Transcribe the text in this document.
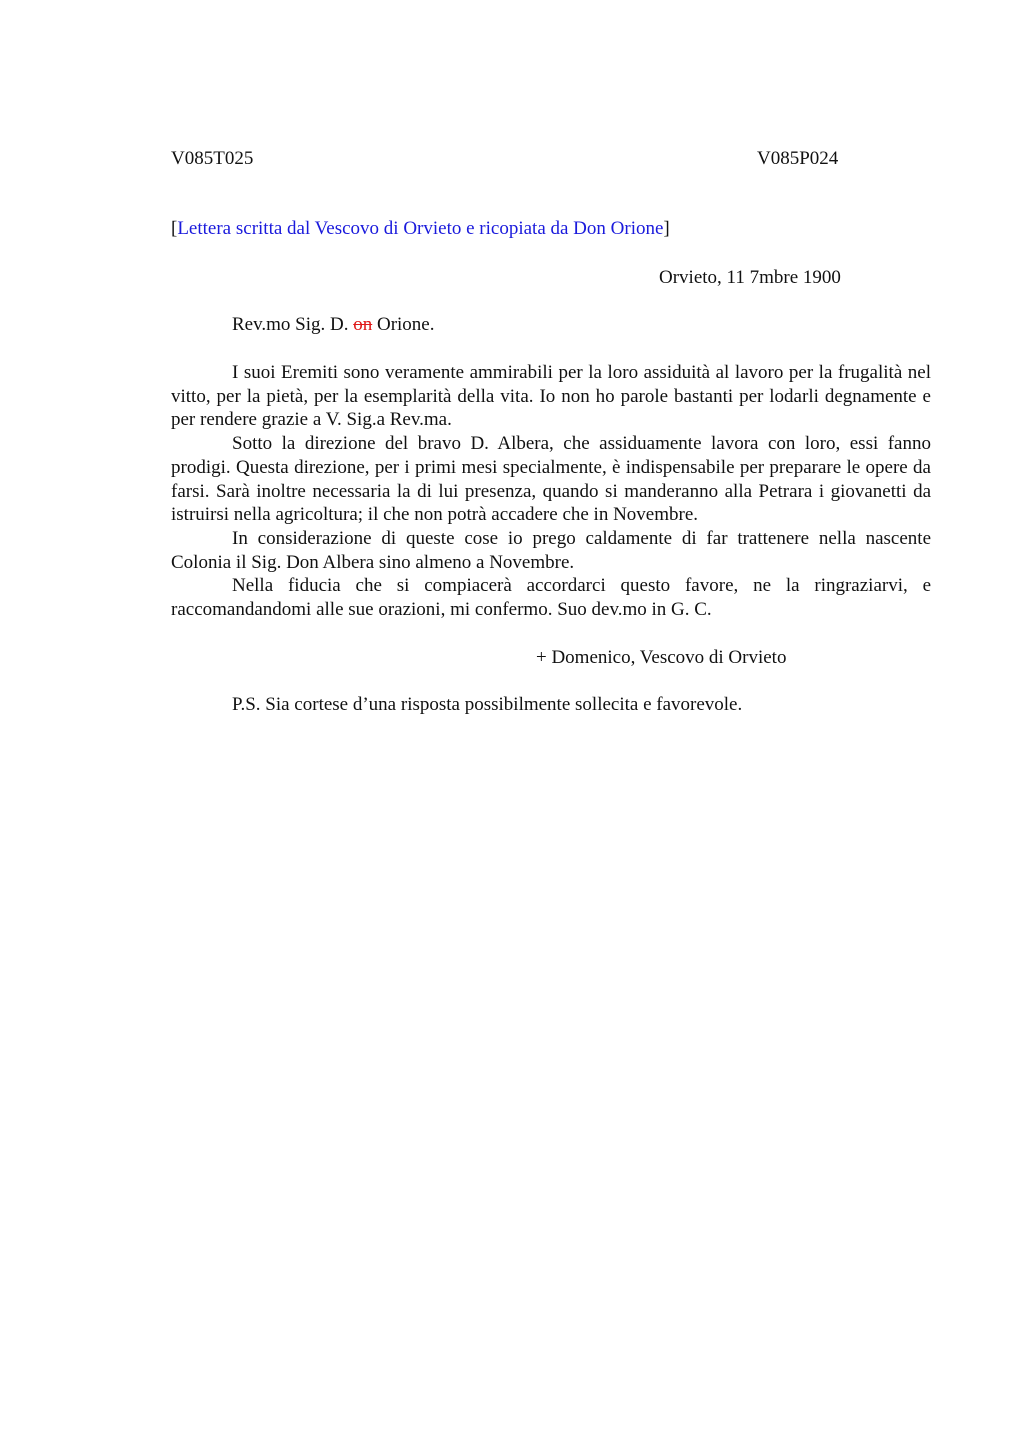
V085T025	V085P024
[Lettera scritta dal Vescovo di Orvieto e ricopiata da Don Orione]
Orvieto, 11 7mbre 1900
Rev.mo Sig. D. on Orione.

I suoi Eremiti sono veramente ammirabili per la loro assiduità al lavoro per la frugalità nel vitto, per la pietà, per la esemplarità della vita. Io non ho parole bastanti per lodarli degnamente e per rendere grazie a V. Sig.a Rev.ma.

Sotto la direzione del bravo D. Albera, che assiduamente lavora con loro, essi fanno prodigi. Questa direzione, per i primi mesi specialmente, è indispensabile per preparare le opere da farsi. Sarà inoltre necessaria la di lui presenza, quando si manderanno alla Petrara i giovanetti da istruirsi nella agricoltura; il che non potrà accadere che in Novembre.

In considerazione di queste cose io prego caldamente di far trattenere nella nascente Colonia il Sig. Don Albera sino almeno a Novembre.

Nella fiducia che si compiacerà accordarci questo favore, ne la ringraziarvi, e raccomandandomi alle sue orazioni, mi confermo. Suo dev.mo in G. C.

+ Domenico, Vescovo di Orvieto
P.S. Sia cortese d’una risposta possibilmente sollecita e favorevole.
